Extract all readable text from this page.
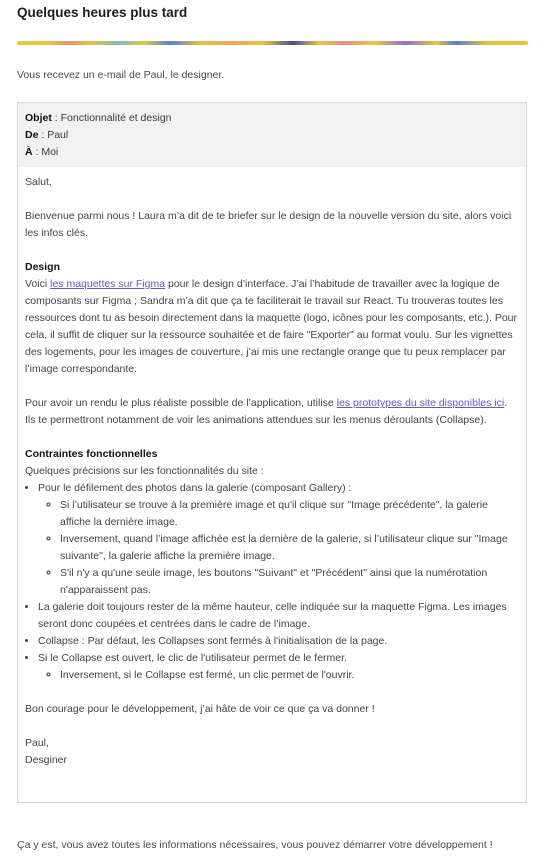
Quelques heures plus tard
Vous recevez un e-mail de Paul, le designer.
Objet : Fonctionnalité et design
De : Paul
À : Moi

Salut,

Bienvenue parmi nous ! Laura m’a dit de te briefer sur le design de la nouvelle version du site, alors voici les infos clés.

Design

Voici les maquettes sur Figma pour le design d’interface. J’ai l’habitude de travailler avec la logique de composants sur Figma ; Sandra m’a dit que ça te faciliterait le travail sur React. Tu trouveras toutes les ressources dont tu as besoin directement dans la maquette (logo, icônes pour les composants, etc.). Pour cela, il suffit de cliquer sur la ressource souhaitée et de faire "Exporter" au format voulu. Sur les vignettes des logements, pour les images de couverture, j’ai mis une rectangle orange que tu peux remplacer par l’image correspondante.

Pour avoir un rendu le plus réaliste possible de l’application, utilise les prototypes du site disponibles ici. Ils te permettront notamment de voir les animations attendues sur les menus déroulants (Collapse).

Contraintes fonctionnelles
Quelques précisions sur les fonctionnalités du site :
• Pour le défilement des photos dans la galerie (composant Gallery) :
◦ Si l’utilisateur se trouve à la première image et qu'il clique sur "Image précédente", la galerie affiche la dernière image.
◦ Inversement, quand l’image affichée est la dernière de la galerie, si l’utilisateur clique sur "Image suivante", la galerie affiche la première image.
◦ S'il n'y a qu'une seule image, les boutons "Suivant" et "Précédent" ainsi que la numérotation n'apparaissent pas.
• La galerie doit toujours rester de la même hauteur, celle indiquée sur la maquette Figma. Les images seront donc coupées et centrées dans le cadre de l’image.
• Collapse : Par défaut, les Collapses sont fermés à l'initialisation de la page.
• Si le Collapse est ouvert, le clic de l'utilisateur permet de le fermer.
◦ Inversement, si le Collapse est fermé, un clic permet de l'ouvrir.

Bon courage pour le développement, j’ai hâte de voir ce que ça va donner !

Paul,
Desginer
Ça y est, vous avez toutes les informations nécessaires, vous pouvez démarrer votre développement !
